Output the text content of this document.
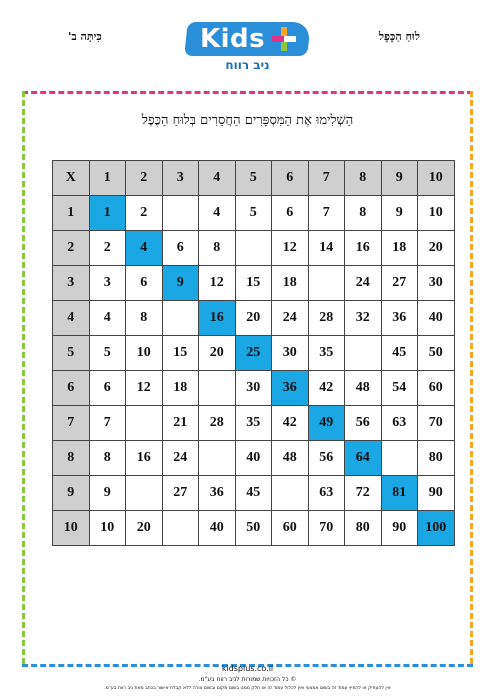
כִּיתָּה ב'	לוּחַ הַכֶּפֶל
Kids
ניב רווח
הַשְׁלִימוּ אֶת הַמִּסְפָּרִים הַחֲסֵרִים בְּלוּחַ הַכֶּפֶל
X	1	2	3	4	5	6	7	8	9	10
1	1	2		4	5	6	7	8	9	10
2	2	4	6	8		12	14	16	18	20
3	3	6	9	12	15	18		24	27	30
4	4	8		16	20	24	28	32	36	40
5	5	10	15	20	25	30	35		45	50
6	6	12	18		30	36	42	48	54	60
7	7		21	28	35	42	49	56	63	70
8	8	16	24		40	48	56	64		80
9	9		27	36	45		63	72	81	90
10	10	20		40	50	60	70	80	90	100
kidsplus.co.il
© כל הזכויות שמורות לניב רווח בע"מ.
אין להעתיק או להפיץ עמוד זה בשום אמצעי ואין לכלול עמוד זה או חלק ממנו בשום מקום ובשום צורה ללא קבלת אישור בכתב מאת ניב רווח בע"מ.
